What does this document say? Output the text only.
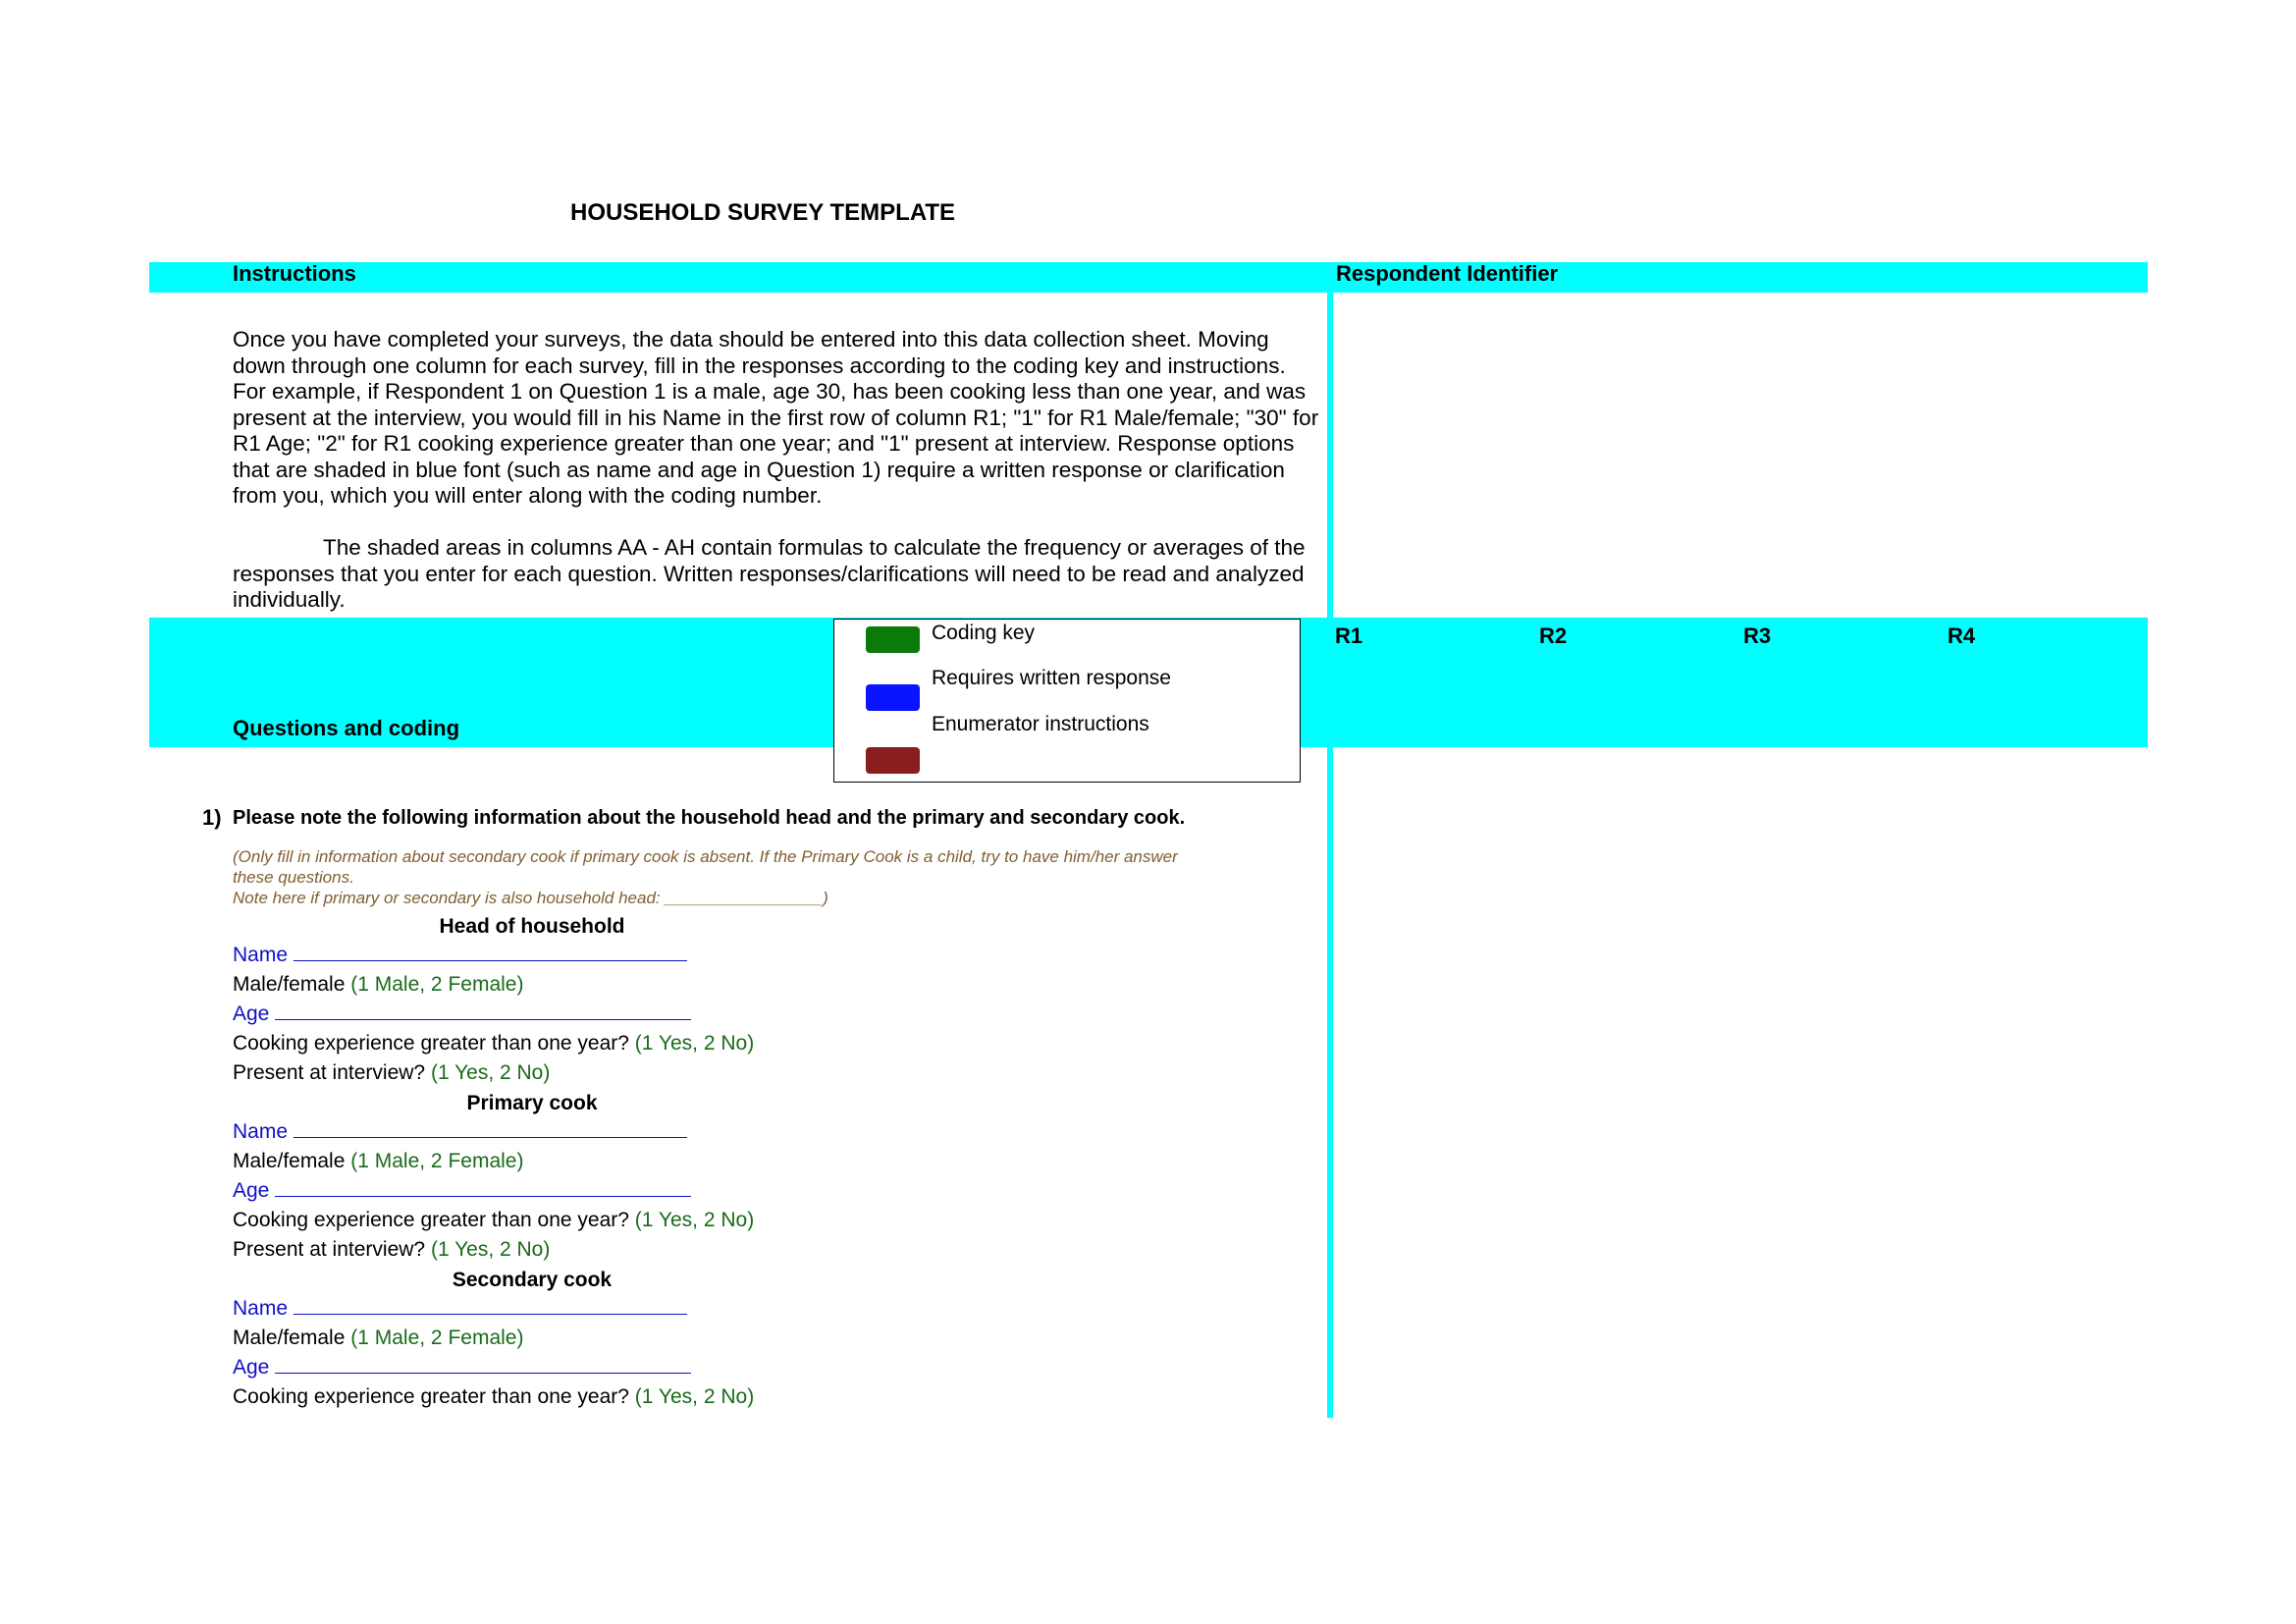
HOUSEHOLD SURVEY TEMPLATE
Instructions	Respondent Identifier
Once you have completed your surveys, the data should be entered into this data collection sheet. Moving down through one column for each survey, fill in the responses according to the coding key and instructions. For example, if Respondent 1 on Question 1 is a male, age 30, has been cooking less than one year, and was present at the interview, you would fill in his Name in the first row of column R1; "1" for R1 Male/female; "30" for R1 Age; "2" for R1 cooking experience greater than one year; and "1" present at interview. Response options that are shaded in blue font (such as name and age in Question 1) require a written response or clarification from you, which you will enter along with the coding number.
The shaded areas in columns AA - AH contain formulas to calculate the frequency or averages of the responses that you enter for each question. Written responses/clarifications will need to be read and analyzed individually.
Questions and coding
R1	R2	R3	R4
Coding key
Requires written response
Enumerator instructions
1) Please note the following information about the household head and the primary and secondary cook.
(Only fill in information about secondary cook if primary cook is absent. If the Primary Cook is a child, try to have him/her answer
these questions.
Note here if primary or secondary is also household head: _________________)
Head of household
Name
Male/female (1 Male, 2 Female)
Age
Cooking experience greater than one year? (1 Yes, 2 No)
Present at interview? (1 Yes, 2 No)
Primary cook
Name
Male/female (1 Male, 2 Female)
Age
Cooking experience greater than one year? (1 Yes, 2 No)
Present at interview? (1 Yes, 2 No)
Secondary cook
Name
Male/female (1 Male, 2 Female)
Age
Cooking experience greater than one year? (1 Yes, 2 No)
